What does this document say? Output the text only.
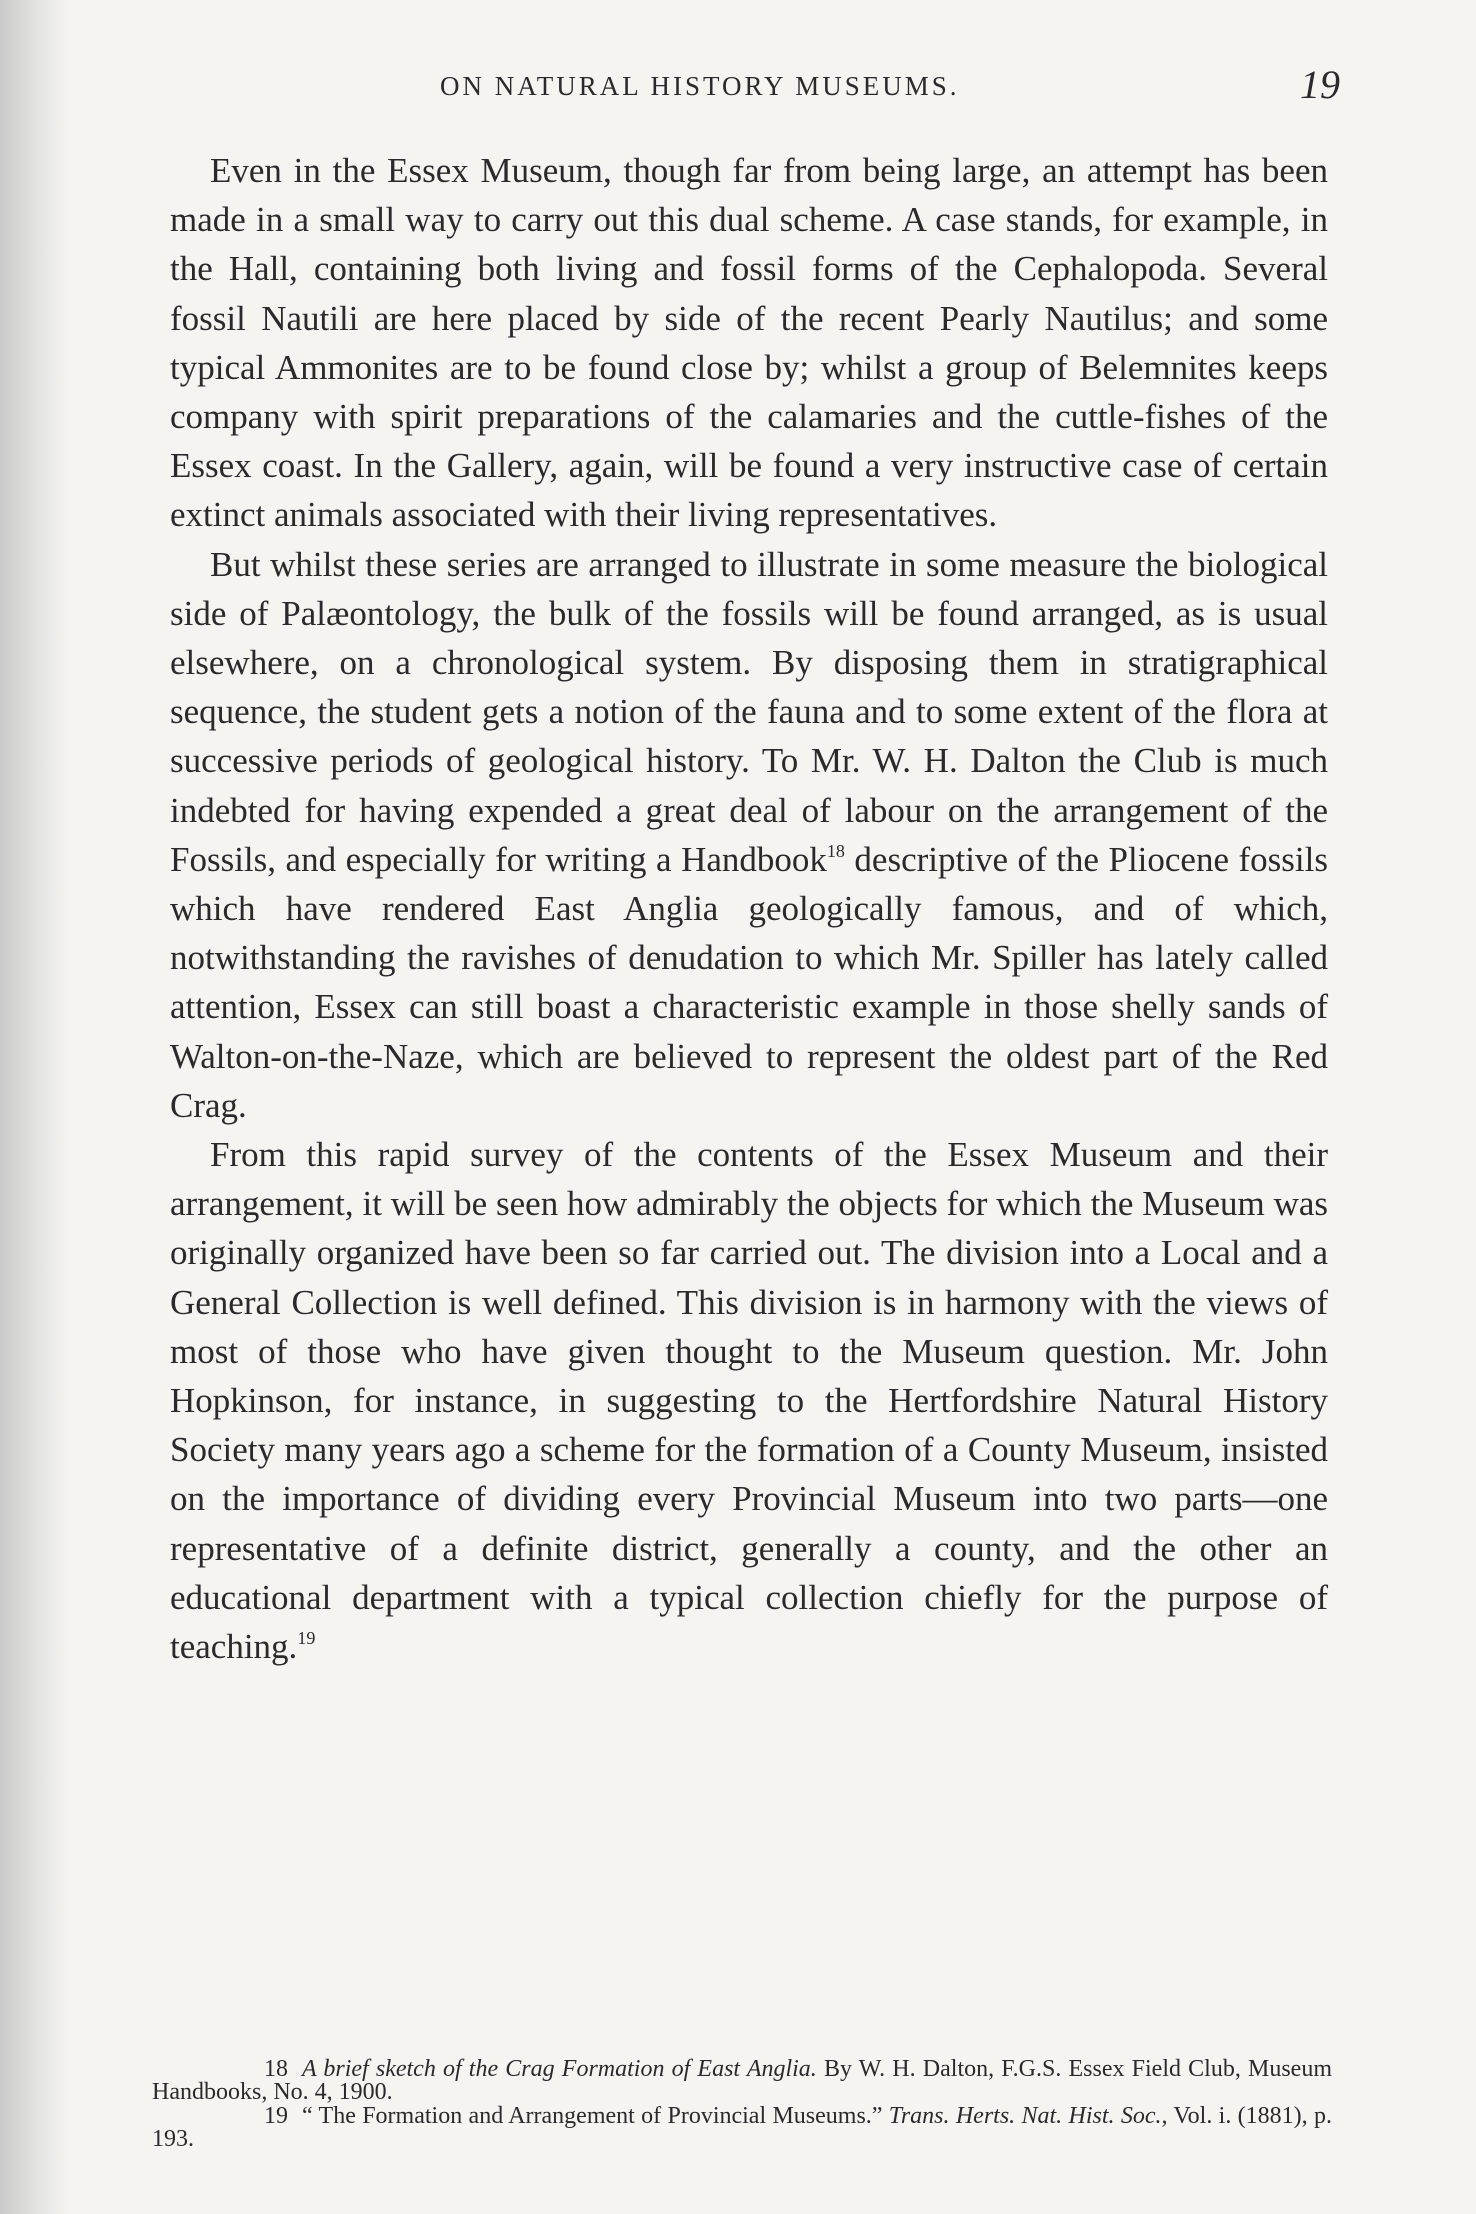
ON NATURAL HISTORY MUSEUMS.	19

Even in the Essex Museum, though far from being large, an attempt has been made in a small way to carry out this dual scheme. A case stands, for example, in the Hall, containing both living and fossil forms of the Cephalopoda. Several fossil Nautili are here placed by side of the recent Pearly Nautilus; and some typical Ammonites are to be found close by; whilst a group of Belemnites keeps company with spirit preparations of the calamaries and the cuttle-fishes of the Essex coast. In the Gallery, again, will be found a very instructive case of certain extinct animals associated with their living representatives.

But whilst these series are arranged to illustrate in some measure the biological side of Palæontology, the bulk of the fossils will be found arranged, as is usual elsewhere, on a chronological system. By disposing them in stratigraphical sequence, the student gets a notion of the fauna and to some extent of the flora at successive periods of geological history. To Mr. W. H. Dalton the Club is much indebted for having expended a great deal of labour on the arrangement of the Fossils, and especially for writing a Handbook$^{18}$ descriptive of the Pliocene fossils which have rendered East Anglia geologically famous, and of which, notwithstanding the ravishes of denudation to which Mr. Spiller has lately called attention, Essex can still boast a characteristic example in those shelly sands of Walton-on-the-Naze, which are believed to represent the oldest part of the Red Crag.

From this rapid survey of the contents of the Essex Museum and their arrangement, it will be seen how admirably the objects for which the Museum was originally organized have been so far carried out. The division into a Local and a General Collection is well defined. This division is in harmony with the views of most of those who have given thought to the Museum question. Mr. John Hopkinson, for instance, in suggesting to the Hertfordshire Natural History Society many years ago a scheme for the formation of a County Museum, insisted on the importance of dividing every Provincial Museum into two parts—one representative of a definite district, generally a county, and the other an educational department with a typical collection chiefly for the purpose of teaching.$^{19}$

18 A brief sketch of the Crag Formation of East Anglia. By W. H. Dalton, F.G.S. Essex Field Club, Museum Handbooks, No. 4, 1900.

19 “ The Formation and Arrangement of Provincial Museums.” Trans. Herts. Nat. Hist. Soc., Vol. i. (1881), p. 193.
